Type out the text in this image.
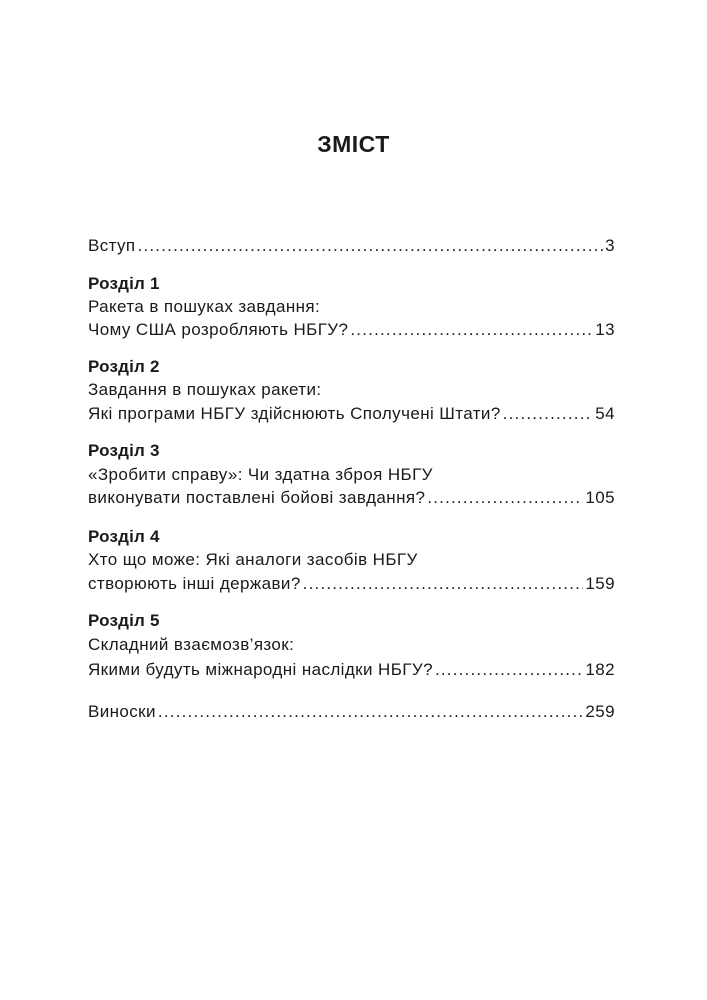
ЗМІСТ
Вступ .....	3
Розділ 1
Ракета в пошуках завдання:
Чому США розробляють НБГУ? .....	13
Розділ 2
Завдання в пошуках ракети:
Які програми НБГУ здійснюють Сполучені Штати? .....	54
Розділ 3
«Зробити справу»: Чи здатна зброя НБГУ
виконувати поставлені бойові завдання? .....	105
Розділ 4
Хто що може: Які аналоги засобів НБГУ
створюють інші держави? .....	159
Розділ 5
Складний взаємозв’язок:
Якими будуть міжнародні наслідки НБГУ? .....	182
Виноски .....	259
